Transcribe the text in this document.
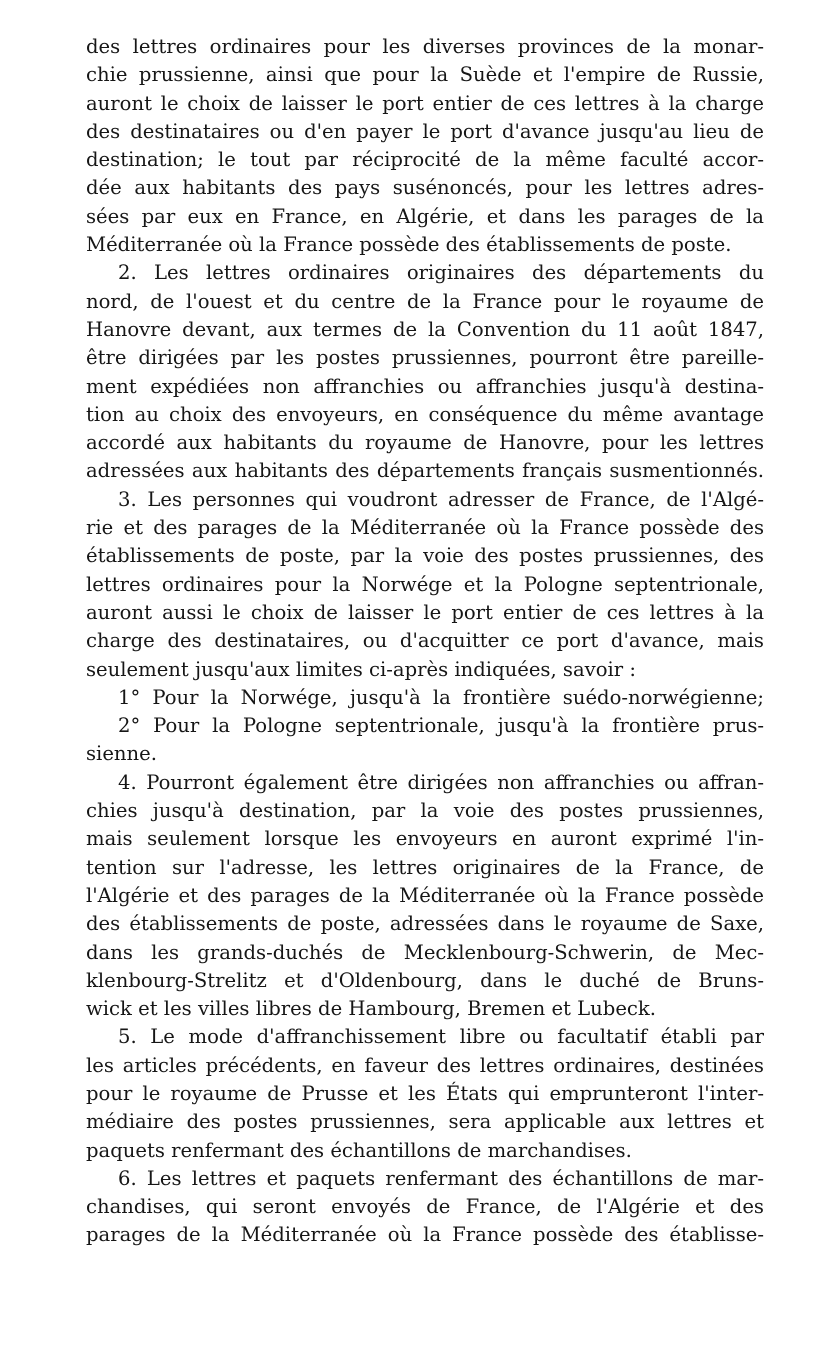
des lettres ordinaires pour les diverses provinces de la monar-
chie prussienne, ainsi que pour la Suède et l'empire de Russie,
auront le choix de laisser le port entier de ces lettres à la charge
des destinataires ou d'en payer le port d'avance jusqu'au lieu de
destination; le tout par réciprocité de la même faculté accor-
dée aux habitants des pays susénoncés, pour les lettres adres-
sées par eux en France, en Algérie, et dans les parages de la
Méditerranée où la France possède des établissements de poste.
2. Les lettres ordinaires originaires des départements du
nord, de l'ouest et du centre de la France pour le royaume de
Hanovre devant, aux termes de la Convention du 11 août 1847,
être dirigées par les postes prussiennes, pourront être pareille-
ment expédiées non affranchies ou affranchies jusqu'à destina-
tion au choix des envoyeurs, en conséquence du même avantage
accordé aux habitants du royaume de Hanovre, pour les lettres
adressées aux habitants des départements français susmentionnés.
3. Les personnes qui voudront adresser de France, de l'Algé-
rie et des parages de la Méditerranée où la France possède des
établissements de poste, par la voie des postes prussiennes, des
lettres ordinaires pour la Norwége et la Pologne septentrionale,
auront aussi le choix de laisser le port entier de ces lettres à la
charge des destinataires, ou d'acquitter ce port d'avance, mais
seulement jusqu'aux limites ci-après indiquées, savoir :
1° Pour la Norwége, jusqu'à la frontière suédo-norwégienne;
2° Pour la Pologne septentrionale, jusqu'à la frontière prus-
sienne.
4. Pourront également être dirigées non affranchies ou affran-
chies jusqu'à destination, par la voie des postes prussiennes,
mais seulement lorsque les envoyeurs en auront exprimé l'in-
tention sur l'adresse, les lettres originaires de la France, de
l'Algérie et des parages de la Méditerranée où la France possède
des établissements de poste, adressées dans le royaume de Saxe,
dans les grands-duchés de Mecklenbourg-Schwerin, de Mec-
klenbourg-Strelitz et d'Oldenbourg, dans le duché de Bruns-
wick et les villes libres de Hambourg, Bremen et Lubeck.
5. Le mode d'affranchissement libre ou facultatif établi par
les articles précédents, en faveur des lettres ordinaires, destinées
pour le royaume de Prusse et les États qui emprunteront l'inter-
médiaire des postes prussiennes, sera applicable aux lettres et
paquets renfermant des échantillons de marchandises.
6. Les lettres et paquets renfermant des échantillons de mar-
chandises, qui seront envoyés de France, de l'Algérie et des
parages de la Méditerranée où la France possède des établisse-
